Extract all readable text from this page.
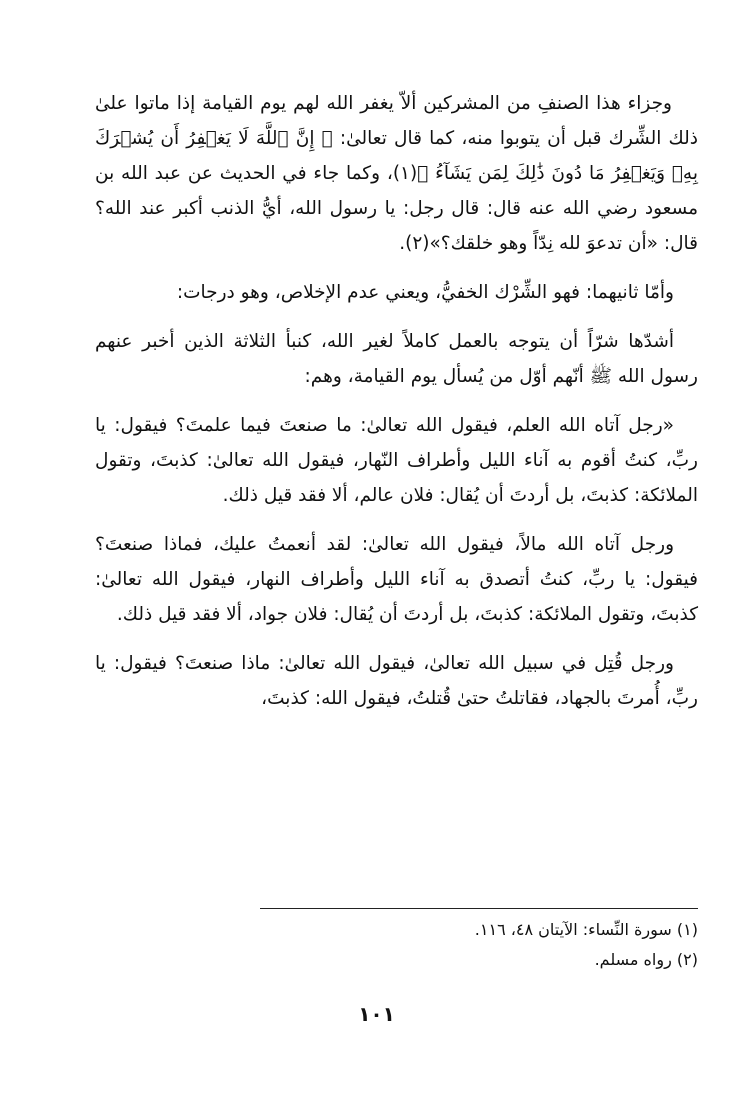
وجزاء هذا الصنفِ من المشركين ألاّ يغفر الله لهم يوم القيامة إذا ماتوا علىٰ ذلك الشِّرك قبل أن يتوبوا منه، كما قال تعالىٰ: ﴿ إِنَّ ٱللَّهَ لَا يَغۡفِرُ أَن يُشۡرَكَ بِهِۦ وَيَغۡفِرُ مَا دُونَ ذَٰلِكَ لِمَن يَشَآءُ ﴾(١)، وكما جاء في الحديث عن عبد الله بن مسعود رضي الله عنه قال: قال رجل: يا رسول الله، أيُّ الذنب أكبر عند الله؟ قال: «أن تدعوَ لله نِدّاً وهو خلقك؟»(٢).

وأمّا ثانيهما: فهو الشِّرْك الخفيُّ، ويعني عدم الإخلاص، وهو درجات:

أشدّها شرّاً أن يتوجه بالعمل كاملاً لغير الله، كنبأ الثلاثة الذين أخبر عنهم رسول الله ﷺ أنّهم أوّل من يُسأل يوم القيامة، وهم:

«رجل آتاه الله العلم، فيقول الله تعالىٰ: ما صنعتَ فيما علمتَ؟ فيقول: يا ربِّ، كنتُ أقوم به آناء الليل وأطراف النّهار، فيقول الله تعالىٰ: كذبتَ، وتقول الملائكة: كذبتَ، بل أردتَ أن يُقال: فلان عالم، ألا فقد قيل ذلك.

ورجل آتاه الله مالاً، فيقول الله تعالىٰ: لقد أنعمتُ عليك، فماذا صنعتَ؟ فيقول: يا ربِّ، كنتُ أتصدق به آناء الليل وأطراف النهار، فيقول الله تعالىٰ: كذبتَ، وتقول الملائكة: كذبتَ، بل أردتَ أن يُقال: فلان جواد، ألا فقد قيل ذلك.

ورجل قُتِل في سبيل الله تعالىٰ، فيقول الله تعالىٰ: ماذا صنعتَ؟ فيقول: يا ربِّ، أُمرتَ بالجهاد، فقاتلتُ حتىٰ قُتلتُ، فيقول الله: كذبتَ،

(١) سورة النِّساء: الآيتان ٤٨، ١١٦.

(٢) رواه مسلم.

١٠١
